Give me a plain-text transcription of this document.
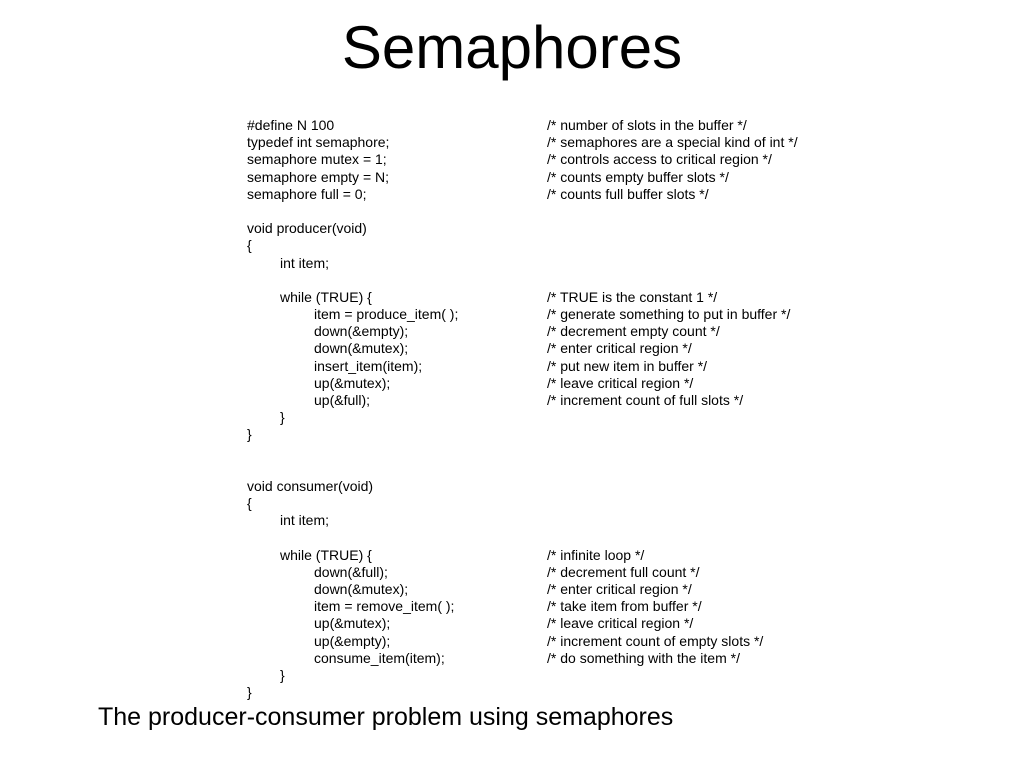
Semaphores
#define N 100	/* number of slots in the buffer */
typedef int semaphore;	/* semaphores are a special kind of int */
semaphore mutex = 1;	/* controls access to critical region */
semaphore empty = N;	/* counts empty buffer slots */
semaphore full = 0;	/* counts full buffer slots */
void producer(void)
{
int item;
while (TRUE) {	/* TRUE is the constant 1 */
item = produce_item( );	/* generate something to put in buffer */
down(&empty);	/* decrement empty count */
down(&mutex);	/* enter critical region */
insert_item(item);	/* put new item in buffer */
up(&mutex);	/* leave critical region */
up(&full);	/* increment count of full slots */
}
}
void consumer(void)
{
int item;
while (TRUE) {	/* infinite loop */
down(&full);	/* decrement full count */
down(&mutex);	/* enter critical region */
item = remove_item( );	/* take item from buffer */
up(&mutex);	/* leave critical region */
up(&empty);	/* increment count of empty slots */
consume_item(item);	/* do something with the item */
}
}
The producer-consumer problem using semaphores
